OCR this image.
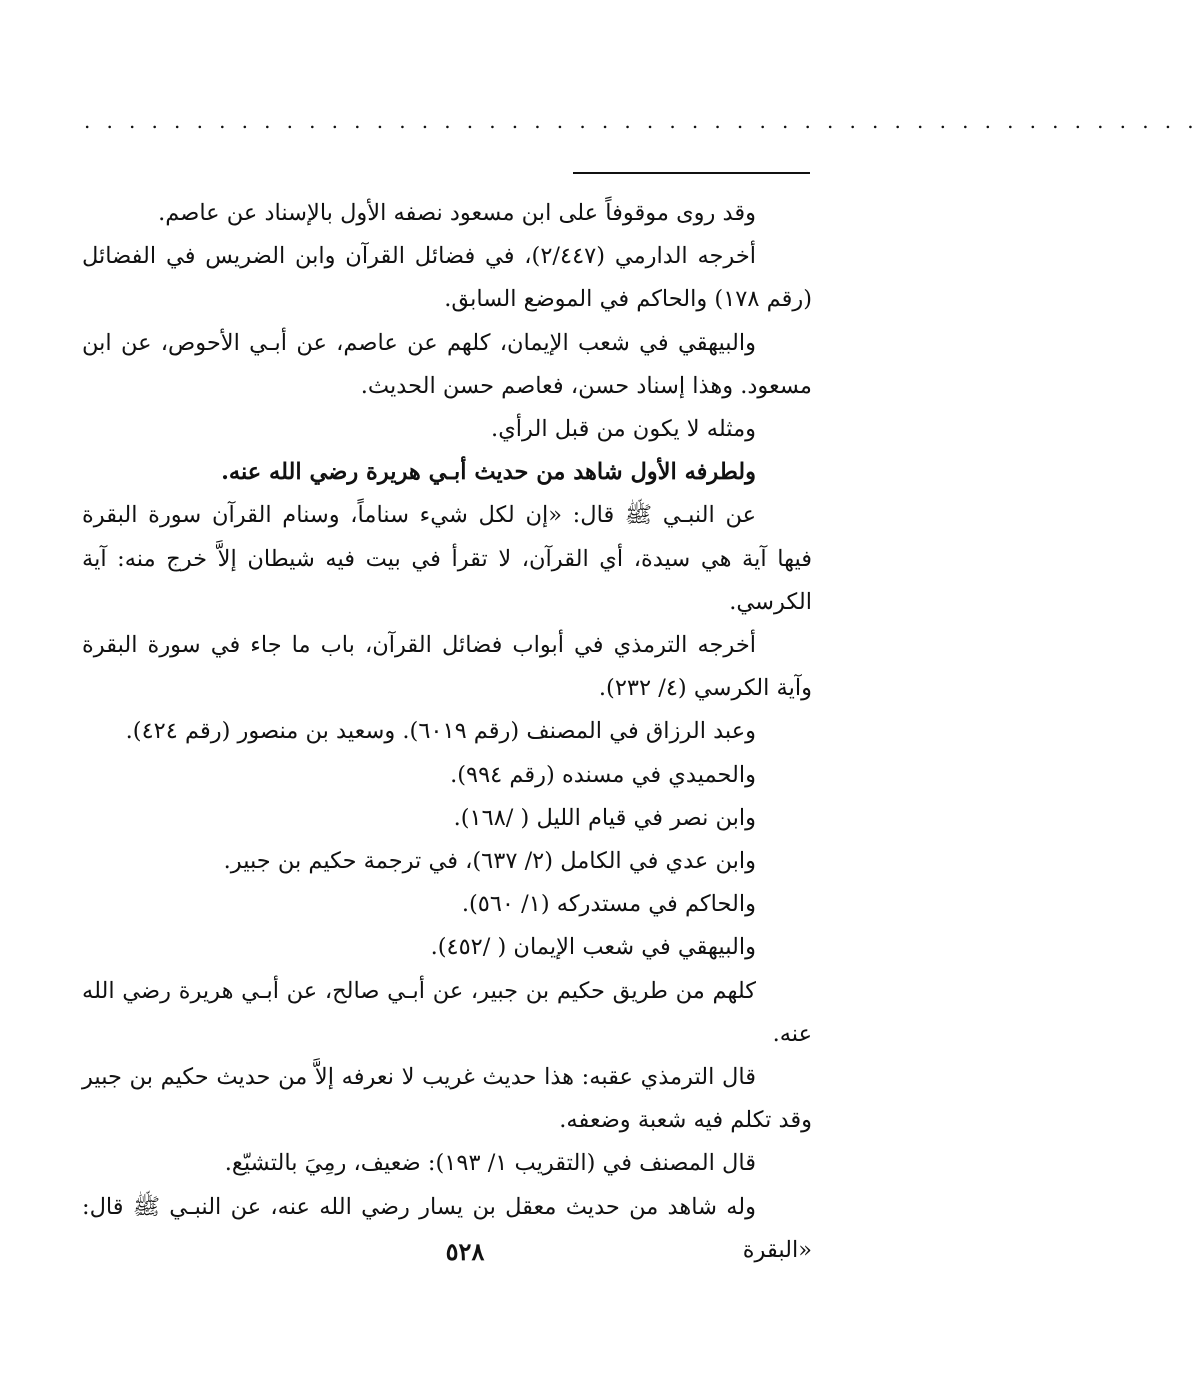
. . . . . . . . . . . . . . . . . . . . . . . . . . . . . . . . . . . . . . . . . . . . . . . . . .

وقد روى موقوفاً على ابن مسعود نصفه الأول بالإسناد عن عاصم.

أخرجه الدارمي (٢/٤٤٧)، في فضائل القرآن وابن الضريس في الفضائل (رقم ١٧٨) والحاكم في الموضع السابق.

والبيهقي في شعب الإيمان، كلهم عن عاصم، عن أبـي الأحوص، عن ابن مسعود. وهذا إسناد حسن، فعاصم حسن الحديث.

ومثله لا يكون من قبل الرأي.

ولطرفه الأول شاهد من حديث أبـي هريرة رضي الله عنه.

عن النبـي ﷺ قال: «إن لكل شيء سناماً، وسنام القرآن سورة البقرة فيها آية هي سيدة، أي القرآن، لا تقرأ في بيت فيه شيطان إلاَّ خرج منه: آية الكرسي.

أخرجه الترمذي في أبواب فضائل القرآن، باب ما جاء في سورة البقرة وآية الكرسي (٤/ ٢٣٢).

وعبد الرزاق في المصنف (رقم ٦٠١٩). وسعيد بن منصور (رقم ٤٢٤).

والحميدي في مسنده (رقم ٩٩٤).

وابن نصر في قيام الليل ( /١٦٨).

وابن عدي في الكامل (٢/ ٦٣٧)، في ترجمة حكيم بن جبير.

والحاكم في مستدركه (١/ ٥٦٠).

والبيهقي في شعب الإيمان ( /٤٥٢).

كلهم من طريق حكيم بن جبير، عن أبـي صالح، عن أبـي هريرة رضي الله عنه.

قال الترمذي عقبه: هذا حديث غريب لا نعرفه إلاَّ من حديث حكيم بن جبير وقد تكلم فيه شعبة وضعفه.

قال المصنف في (التقريب ١/ ١٩٣): ضعيف، رمِيَ بالتشيّع.

وله شاهد من حديث معقل بن يسار رضي الله عنه، عن النبـي ﷺ قال: «البقرة

٥٢٨
